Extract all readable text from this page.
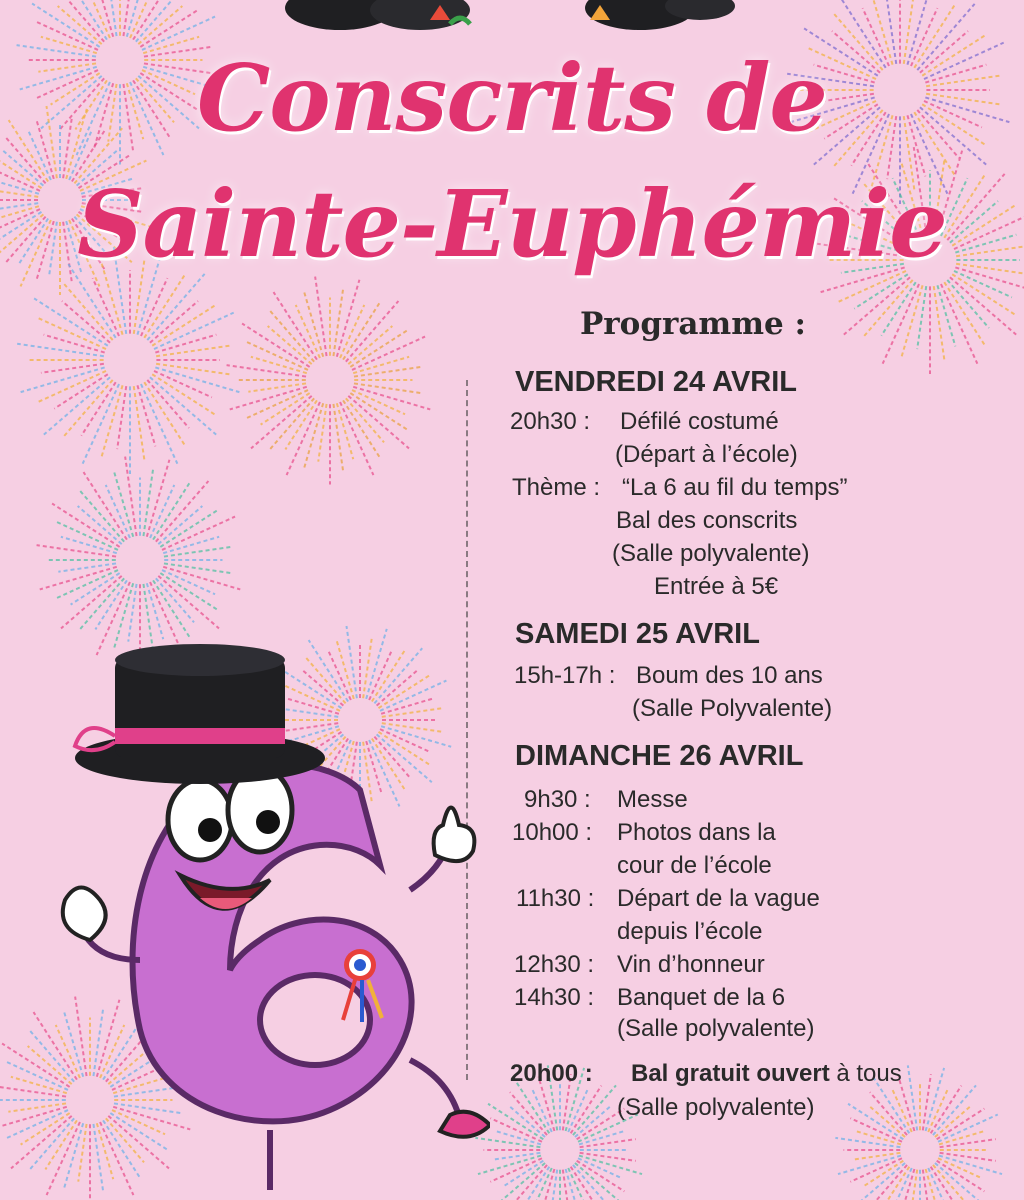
Conscrits de
Sainte-Euphémie
Programme :
VENDREDI 24 AVRIL
20h30 : Défilé costumé
(Départ à l’école)
Thème : “La 6 au fil du temps”
Bal des conscrits
(Salle polyvalente)
Entrée à 5€
SAMEDI 25 AVRIL
15h-17h : Boum des 10 ans
(Salle Polyvalente)
DIMANCHE 26 AVRIL
9h30 : Messe
10h00 : Photos dans la
cour de l’école
11h30 : Départ de la vague
depuis l’école
12h30 : Vin d’honneur
14h30 : Banquet de la 6
(Salle polyvalente)
20h00 : Bal gratuit ouvert à tous
(Salle polyvalente)
